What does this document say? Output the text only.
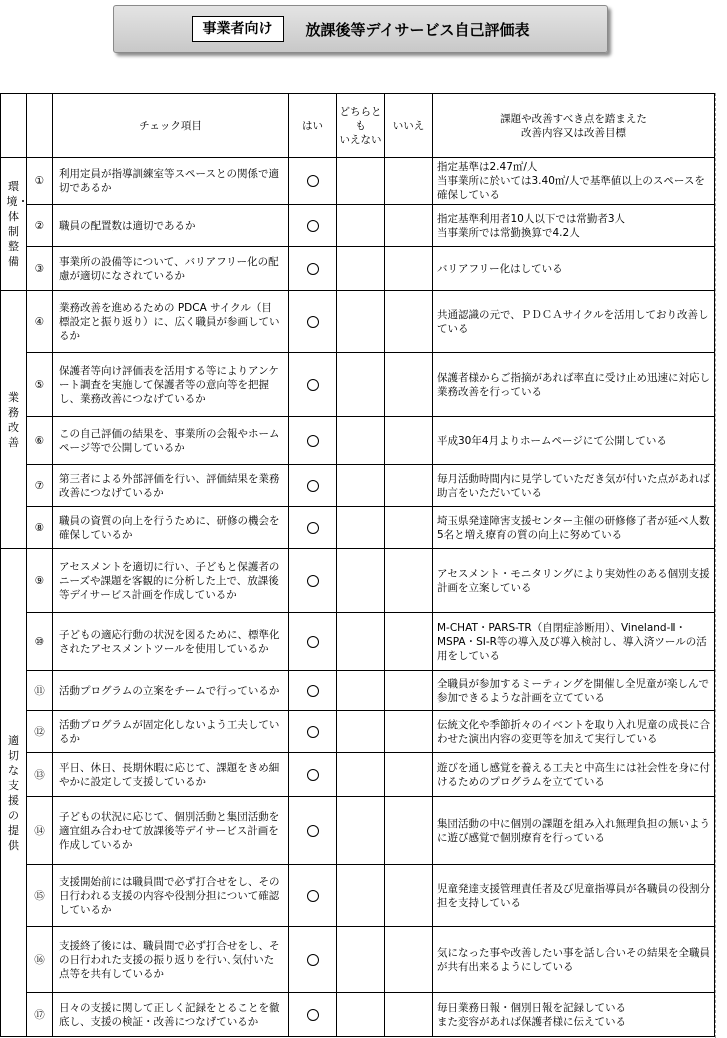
事業者向け	放課後等デイサービス自己評価表
		チェック項目	はい	どちらとも
いえない	いいえ	課題や改善すべき点を踏まえた
改善内容又は改善目標
環境・体制整備	①	利用定員が指導訓練室等スペースとの関係で適切であるか				指定基準は2.47㎡/人
当事業所に於いては3.40㎡/人で基準値以上のスペースを確保している
	②	職員の配置数は適切であるか				指定基準利用者10人以下では常勤者3人
当事業所では常勤換算で4.2人
	③	事業所の設備等について、バリアフリー化の配慮が適切になされているか				バリアフリー化はしている
業務改善	④	業務改善を進めるための PDCA サイクル（目標設定と振り返り）に、広く職員が参画しているか				共通認識の元で、ＰＤＣＡサイクルを活用しており改善している
	⑤	保護者等向け評価表を活用する等によりアンケート調査を実施して保護者等の意向等を把握し、業務改善につなげているか				保護者様からご指摘があれば率直に受け止め迅速に対応し業務改善を行っている
	⑥	この自己評価の結果を、事業所の会報やホームページ等で公開しているか				平成30年4月よりホームページにて公開している
	⑦	第三者による外部評価を行い、評価結果を業務改善につなげているか				毎月活動時間内に見学していただき気が付いた点があれば助言をいただいている
	⑧	職員の資質の向上を行うために、研修の機会を確保しているか				埼玉県発達障害支援センター主催の研修修了者が延べ人数5名と増え療育の質の向上に努めている
適切な支援の提供	⑨	アセスメントを適切に行い、子どもと保護者のニーズや課題を客観的に分析した上で、放課後等デイサービス計画を作成しているか				アセスメント・モニタリングにより実効性のある個別支援計画を立案している
	⑩	子どもの適応行動の状況を図るために、標準化されたアセスメントツールを使用しているか				M-CHAT・PARS-TR（自閉症診断用）、Vineland-Ⅱ・MSPA・SI-R等の導入及び導入検討し、導入済ツールの活用をしている
	⑪	活動プログラムの立案をチームで行っているか				全職員が参加するミーティングを開催し全児童が楽しんで参加できるような計画を立てている
	⑫	活動プログラムが固定化しないよう工夫しているか				伝統文化や季節折々のイベントを取り入れ児童の成長に合わせた演出内容の変更等を加えて実行している
	⑬	平日、休日、長期休暇に応じて、課題をきめ細やかに設定して支援しているか				遊びを通し感覚を養える工夫と中高生には社会性を身に付けるためのプログラムを立てている
	⑭	子どもの状況に応じて、個別活動と集団活動を適宜組み合わせて放課後等デイサービス計画を作成しているか				集団活動の中に個別の課題を組み入れ無理負担の無いように遊び感覚で個別療育を行っている
	⑮	支援開始前には職員間で必ず打合せをし、その日行われる支援の内容や役割分担について確認しているか				児童発達支援管理責任者及び児童指導員が各職員の役割分担を支持している
	⑯	支援終了後には、職員間で必ず打合せをし、その日行われた支援の振り返りを行い､気付いた点等を共有しているか				気になった事や改善したい事を話し合いその結果を全職員が共有出来るようにしている
	⑰	日々の支援に関して正しく記録をとることを徹底し、支援の検証・改善につなげているか				毎日業務日報・個別日報を記録している
また変容があれば保護者様に伝えている
